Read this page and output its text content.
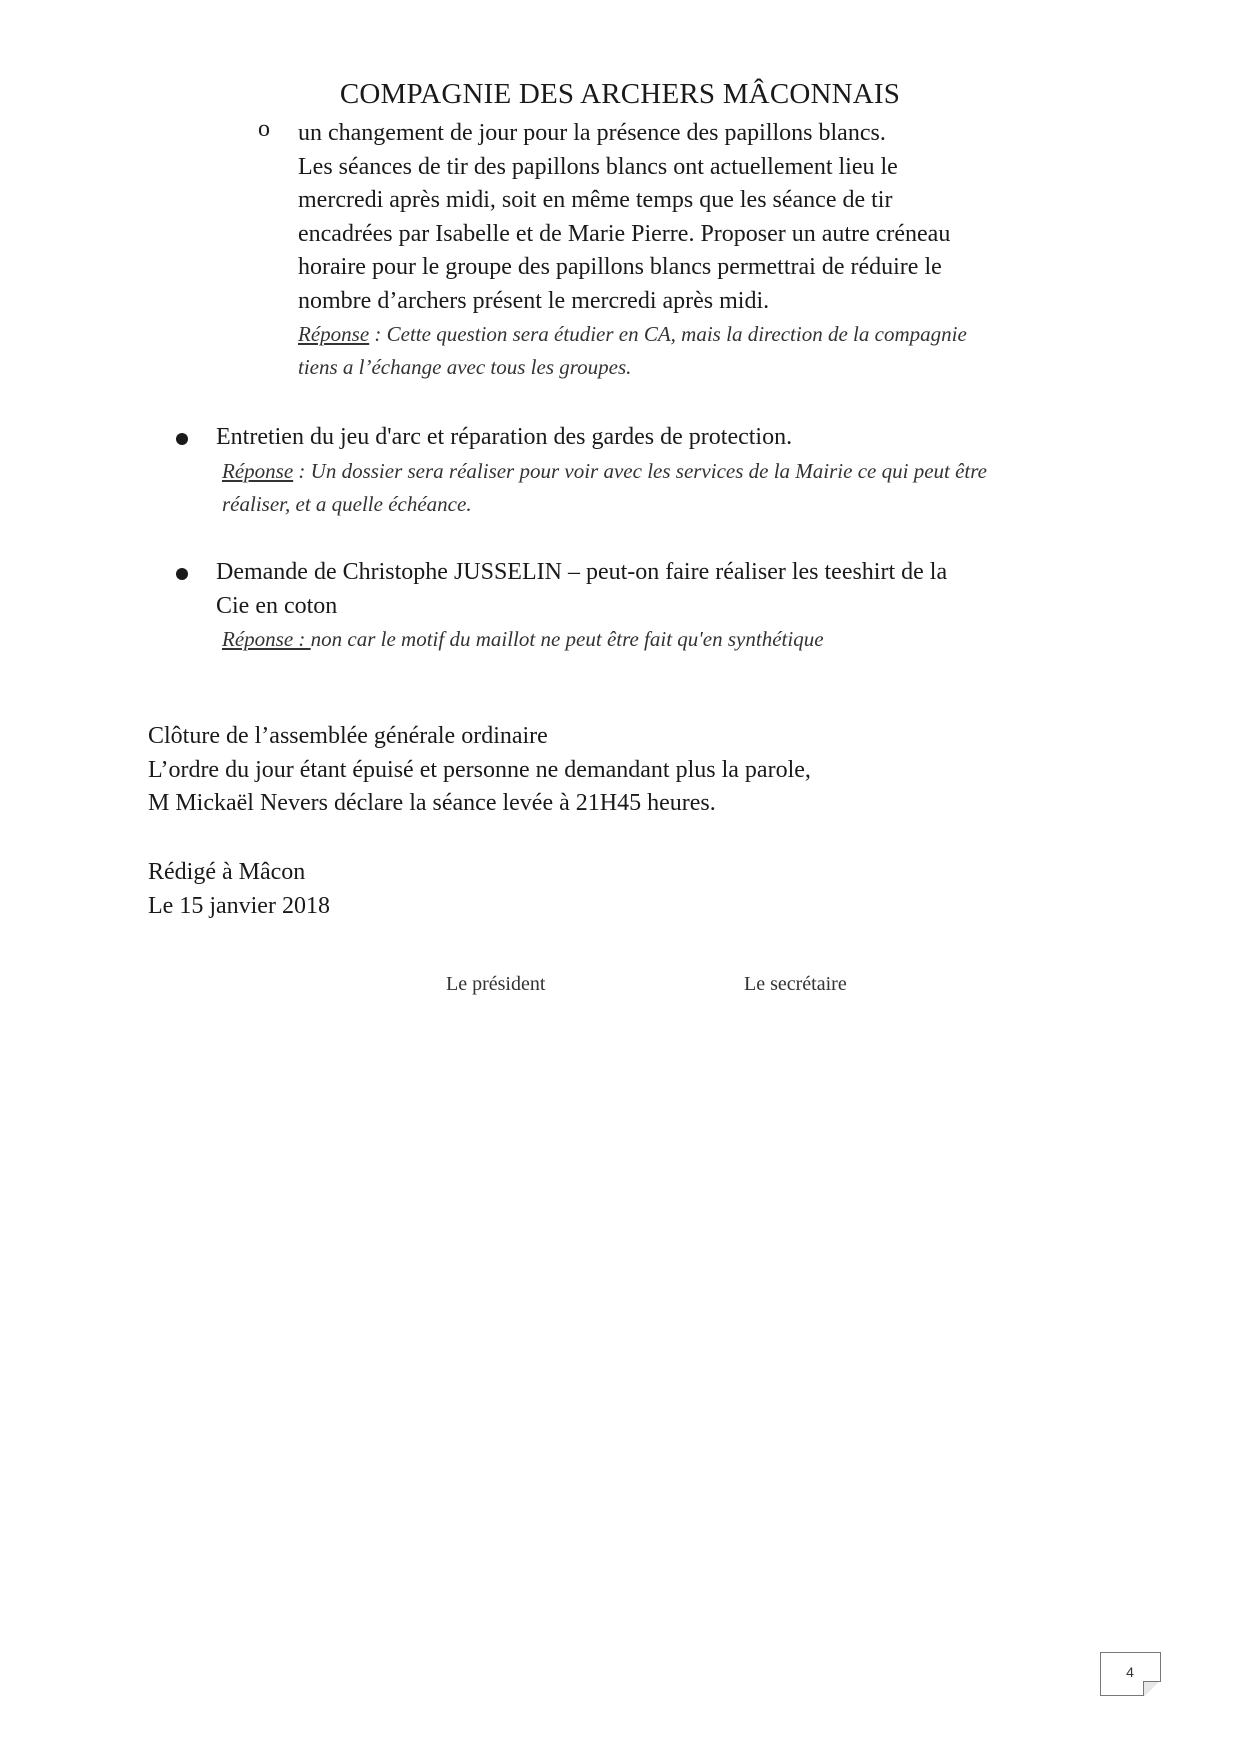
COMPAGNIE DES ARCHERS MÂCONNAIS
o un changement de jour pour la présence des papillons blancs.
Les séances de tir des papillons blancs ont actuellement lieu le
mercredi après midi, soit en même temps que les séance de tir
encadrées par Isabelle et de Marie Pierre. Proposer un autre créneau
horaire pour le groupe des papillons blancs permettrai de réduire le
nombre d’archers présent le mercredi après midi.
Réponse : Cette question sera étudier en CA, mais la direction de la compagnie
tiens a l’échange avec tous les groupes.
Entretien du jeu d'arc et réparation des gardes de protection.
Réponse : Un dossier sera réaliser pour voir avec les services de la Mairie ce qui peut être
réaliser, et a quelle échéance.
Demande de Christophe JUSSELIN – peut-on faire réaliser les teeshirt de la
Cie en coton
Réponse : non car le motif du maillot ne peut être fait qu'en synthétique
Clôture de l’assemblée générale ordinaire
L’ordre du jour étant épuisé et personne ne demandant plus la parole,
M Mickaël Nevers déclare la séance levée à 21H45 heures.
Rédigé à Mâcon
Le 15 janvier 2018
Le président	Le secrétaire
4
